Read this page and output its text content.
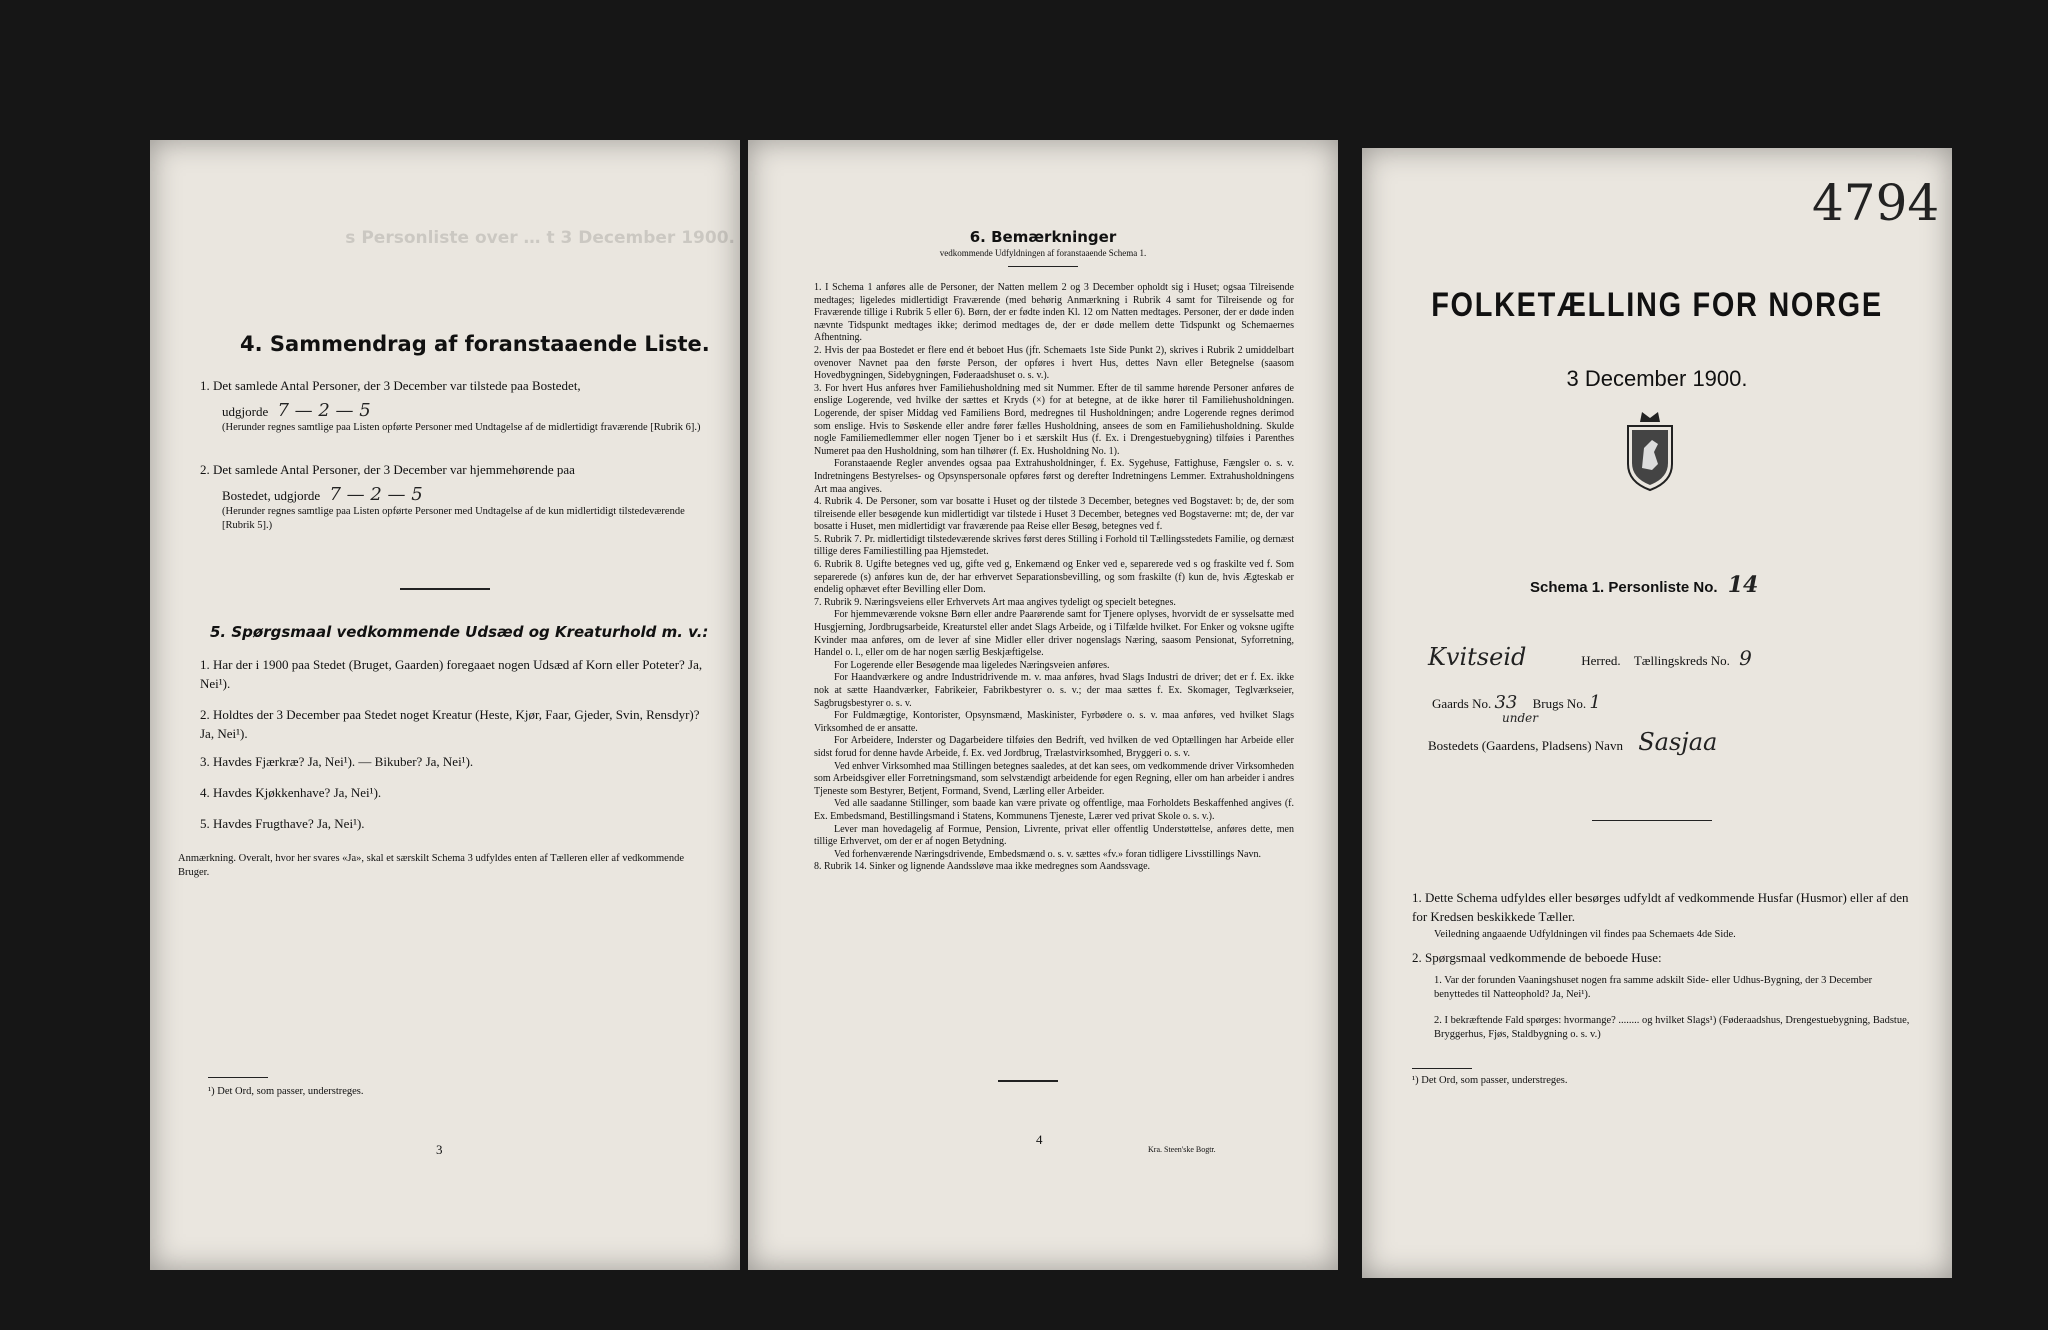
s Personliste over … t 3 December 1900.
4. Sammendrag af foranstaaende Liste.
1. Det samlede Antal Personer, der 3 December var tilstede paa Bostedet,
udgjorde 7 — 2 — 5
(Herunder regnes samtlige paa Listen opførte Personer med Undtagelse af de midlertidigt fraværende [Rubrik 6].)
2. Det samlede Antal Personer, der 3 December var hjemmehørende paa
Bostedet, udgjorde 7 — 2 — 5
(Herunder regnes samtlige paa Listen opførte Personer med Undtagelse af de kun midlertidigt tilstedeværende [Rubrik 5].)
5. Spørgsmaal vedkommende Udsæd og Kreaturhold m. v.:
1. Har der i 1900 paa Stedet (Bruget, Gaarden) foregaaet nogen Udsæd af Korn eller Poteter? Ja, Nei¹).
2. Holdtes der 3 December paa Stedet noget Kreatur (Heste, Kjør, Faar, Gjeder, Svin, Rensdyr)? Ja, Nei¹).
3. Havdes Fjærkræ? Ja, Nei¹). — Bikuber? Ja, Nei¹).
4. Havdes Kjøkkenhave? Ja, Nei¹).
5. Havdes Frugthave? Ja, Nei¹).
Anmærkning. Overalt, hvor her svares «Ja», skal et særskilt Schema 3 udfyldes enten af Tælleren eller af vedkommende Bruger.
¹) Det Ord, som passer, understreges.
3
6. Bemærkninger
vedkommende Udfyldningen af foranstaaende Schema 1.
1. I Schema 1 anføres alle de Personer, der Natten mellem 2 og 3 December opholdt sig i Huset; ogsaa Tilreisende medtages; ligeledes midlertidigt Fraværende (med behørig Anmærkning i Rubrik 4 samt for Tilreisende og for Fraværende tillige i Rubrik 5 eller 6). Børn, der er fødte inden Kl. 12 om Natten medtages. Personer, der er døde inden nævnte Tidspunkt medtages ikke; derimod medtages de, der er døde mellem dette Tidspunkt og Schemaernes Afhentning.
2. Hvis der paa Bostedet er flere end ét beboet Hus (jfr. Schemaets 1ste Side Punkt 2), skrives i Rubrik 2 umiddelbart ovenover Navnet paa den første Person, der opføres i hvert Hus, dettes Navn eller Betegnelse (saasom Hovedbygningen, Sidebygningen, Føderaadshuset o. s. v.).
3. For hvert Hus anføres hver Familiehusholdning med sit Nummer. Efter de til samme hørende Personer anføres de enslige Logerende, ved hvilke der sættes et Kryds (×) for at betegne, at de ikke hører til Familiehusholdningen. Logerende, der spiser Middag ved Familiens Bord, medregnes til Husholdningen; andre Logerende regnes derimod som enslige. Hvis to Søskende eller andre fører fælles Husholdning, ansees de som en Familiehusholdning. Skulde nogle Familiemedlemmer eller nogen Tjener bo i et særskilt Hus (f. Ex. i Drengestuebygning) tilføies i Parenthes Numeret paa den Husholdning, som han tilhører (f. Ex. Husholdning No. 1).
Foranstaaende Regler anvendes ogsaa paa Extrahusholdninger, f. Ex. Sygehuse, Fattighuse, Fængsler o. s. v. Indretningens Bestyrelses- og Opsynspersonale opføres først og derefter Indretningens Lemmer. Extrahusholdningens Art maa angives.
4. Rubrik 4. De Personer, som var bosatte i Huset og der tilstede 3 December, betegnes ved Bogstavet: b; de, der som tilreisende eller besøgende kun midlertidigt var tilstede i Huset 3 December, betegnes ved Bogstaverne: mt; de, der var bosatte i Huset, men midlertidigt var fraværende paa Reise eller Besøg, betegnes ved f.
5. Rubrik 7. Pr. midlertidigt tilstedeværende skrives først deres Stilling i Forhold til Tællingsstedets Familie, og dernæst tillige deres Familiestilling paa Hjemstedet.
6. Rubrik 8. Ugifte betegnes ved ug, gifte ved g, Enkemænd og Enker ved e, separerede ved s og fraskilte ved f. Som separerede (s) anføres kun de, der har erhvervet Separationsbevilling, og som fraskilte (f) kun de, hvis Ægteskab er endelig ophævet efter Bevilling eller Dom.
7. Rubrik 9. Næringsveiens eller Erhvervets Art maa angives tydeligt og specielt betegnes.
For hjemmeværende voksne Børn eller andre Paarørende samt for Tjenere oplyses, hvorvidt de er sysselsatte med Husgjerning, Jordbrugsarbeide, Kreaturstel eller andet Slags Arbeide, og i Tilfælde hvilket. For Enker og voksne ugifte Kvinder maa anføres, om de lever af sine Midler eller driver nogenslags Næring, saasom Pensionat, Syforretning, Handel o. l., eller om de har nogen særlig Beskjæftigelse.
For Logerende eller Besøgende maa ligeledes Næringsveien anføres.
For Haandværkere og andre Industridrivende m. v. maa anføres, hvad Slags Industri de driver; det er f. Ex. ikke nok at sætte Haandværker, Fabrikeier, Fabrikbestyrer o. s. v.; der maa sættes f. Ex. Skomager, Teglværkseier, Sagbrugsbestyrer o. s. v.
For Fuldmægtige, Kontorister, Opsynsmænd, Maskinister, Fyrbødere o. s. v. maa anføres, ved hvilket Slags Virksomhed de er ansatte.
For Arbeidere, Inderster og Dagarbeidere tilføies den Bedrift, ved hvilken de ved Optællingen har Arbeide eller sidst forud for denne havde Arbeide, f. Ex. ved Jordbrug, Trælastvirksomhed, Bryggeri o. s. v.
Ved enhver Virksomhed maa Stillingen betegnes saaledes, at det kan sees, om vedkommende driver Virksomheden som Arbeidsgiver eller Forretningsmand, som selvstændigt arbeidende for egen Regning, eller om han arbeider i andres Tjeneste som Bestyrer, Betjent, Formand, Svend, Lærling eller Arbeider.
Ved alle saadanne Stillinger, som baade kan være private og offentlige, maa Forholdets Beskaffenhed angives (f. Ex. Embedsmand, Bestillingsmand i Statens, Kommunens Tjeneste, Lærer ved privat Skole o. s. v.).
Lever man hovedagelig af Formue, Pension, Livrente, privat eller offentlig Understøttelse, anføres dette, men tillige Erhvervet, om der er af nogen Betydning.
Ved forhenværende Næringsdrivende, Embedsmænd o. s. v. sættes «fv.» foran tidligere Livsstillings Navn.
8. Rubrik 14. Sinker og lignende Aandssløve maa ikke medregnes som Aandssvage.
4
Kra. Steen'ske Bogtr.
4794
FOLKETÆLLING FOR NORGE
3 December 1900.
Schema 1. Personliste No. 14
Kvitseid	Herred. Tællingskreds No. 9
Gaards No. 33 Brugs No. 1
under
Bostedets (Gaardens, Pladsens) Navn Sasjaa
1. Dette Schema udfyldes eller besørges udfyldt af vedkommende Husfar (Husmor) eller af den for Kredsen beskikkede Tæller.
Veiledning angaaende Udfyldningen vil findes paa Schemaets 4de Side.
2. Spørgsmaal vedkommende de beboede Huse:
1. Var der forunden Vaaningshuset nogen fra samme adskilt Side- eller Udhus-Bygning, der 3 December benyttedes til Natteophold? Ja, Nei¹).
2. I bekræftende Fald spørges: hvormange? ........ og hvilket Slags¹) (Føderaadshus, Drengestuebygning, Badstue, Bryggerhus, Fjøs, Staldbygning o. s. v.)
¹) Det Ord, som passer, understreges.
